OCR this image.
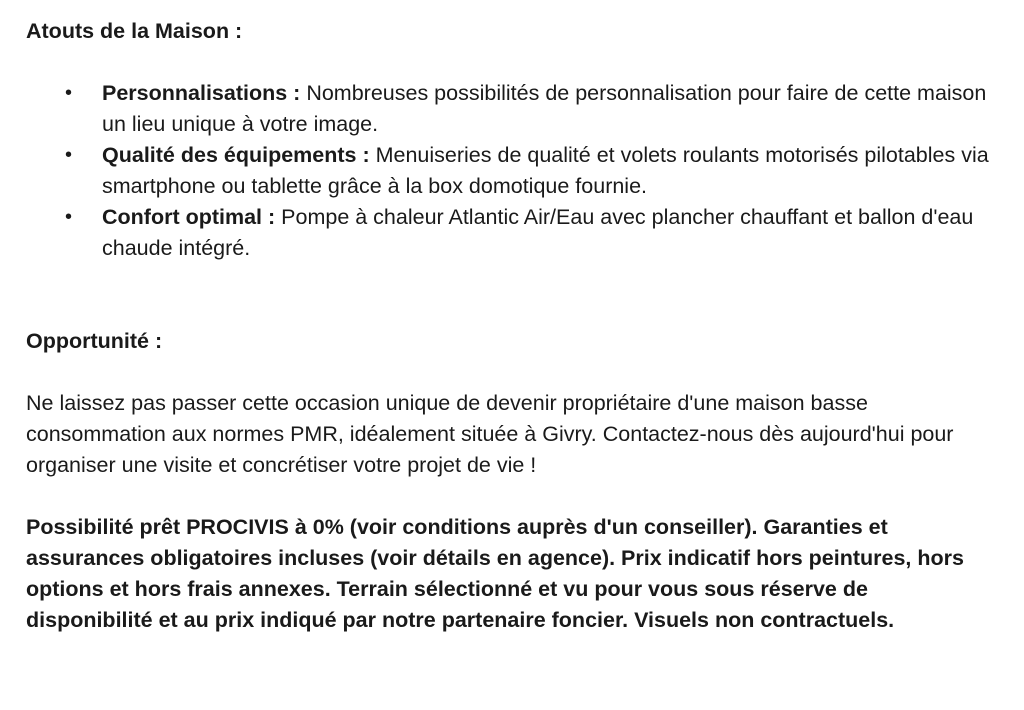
Atouts de la Maison :

• Personnalisations : Nombreuses possibilités de personnalisation pour faire de cette maison un lieu unique à votre image.
• Qualité des équipements : Menuiseries de qualité et volets roulants motorisés pilotables via smartphone ou tablette grâce à la box domotique fournie.
• Confort optimal : Pompe à chaleur Atlantic Air/Eau avec plancher chauffant et ballon d'eau chaude intégré.

Opportunité :

Ne laissez pas passer cette occasion unique de devenir propriétaire d'une maison basse consommation aux normes PMR, idéalement située à Givry. Contactez-nous dès aujourd'hui pour organiser une visite et concrétiser votre projet de vie !

Possibilité prêt PROCIVIS à 0% (voir conditions auprès d'un conseiller). Garanties et assurances obligatoires incluses (voir détails en agence). Prix indicatif hors peintures, hors options et hors frais annexes. Terrain sélectionné et vu pour vous sous réserve de disponibilité et au prix indiqué par notre partenaire foncier. Visuels non contractuels.
